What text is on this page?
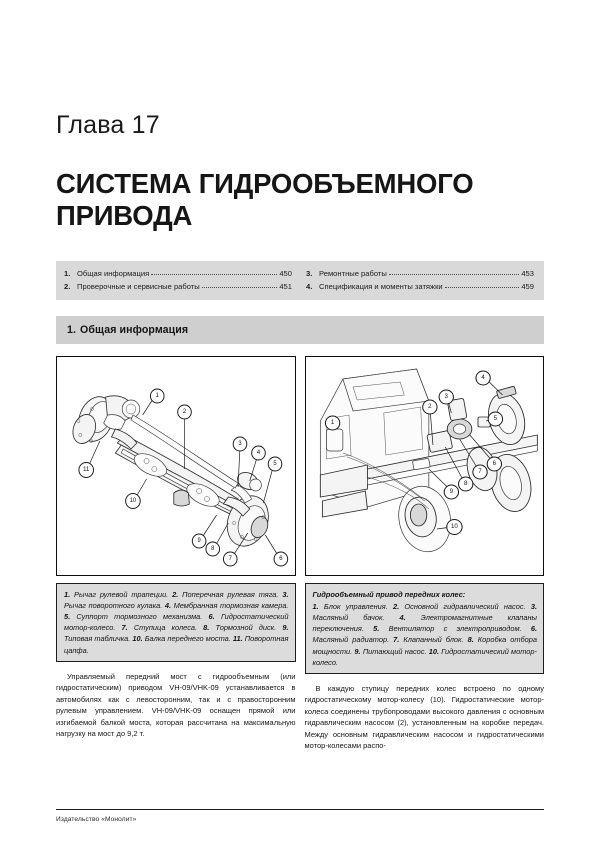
Глава 17
СИСТЕМА ГИДРООБЪЕМНОГО ПРИВОДА
1. Общая информация	450
2. Проверочные и сервисные работы	451
3. Ремонтные работы	453
4. Спецификация и моменты затяжки	459
1. Общая информация
1
2
3
4
5
6
7
8
9
10
11
1. Рычаг рулевой трапеции. 2. Поперечная рулевая тяга. 3. Рычаг поворотного кулака. 4. Мембранная тормозная камера. 5. Суппорт тормозного механизма. 6. Гидростатический мотор-колесо. 7. Ступица колеса. 8. Тормозной диск. 9. Типовая табличка. 10. Балка переднего моста. 11. Поворотная цапфа.

Управляемый передний мост с гидрообъемным (или гидростатическим) приводом VH-09/VHK-09 устанавливается в автомобилях как с левосторонним, так и с правосторонним рулевым управлением. VH-09/VHK-09 оснащен прямой или изгибаемой балкой моста, которая рассчитана на максимальную нагрузку на мост до 9,2 т.

1
2
3
4
5
6
7
8
9
10
Гидрообъемный привод передних колес:
1. Блок управления. 2. Основной гидравлический насос. 3. Масляный бачок. 4. Электромагнитные клапаны переключения. 5. Вентилятор с электроприводом. 6. Масляный радиатор. 7. Клапанный блок. 8. Коробка отбора мощности. 9. Питающий насос. 10. Гидростатический мотор-колесо.

В каждую ступицу передних колес встроено по одному гидростатическому мотор-колесу (10). Гидростатические мотор-колеса соединены трубопроводами высокого давления с основным гидравлическим насосом (2), установленным на коробке передач. Между основным гидравлическим насосом и гидростатическими мотор-колесами распо-

Издательство «Монолит»
